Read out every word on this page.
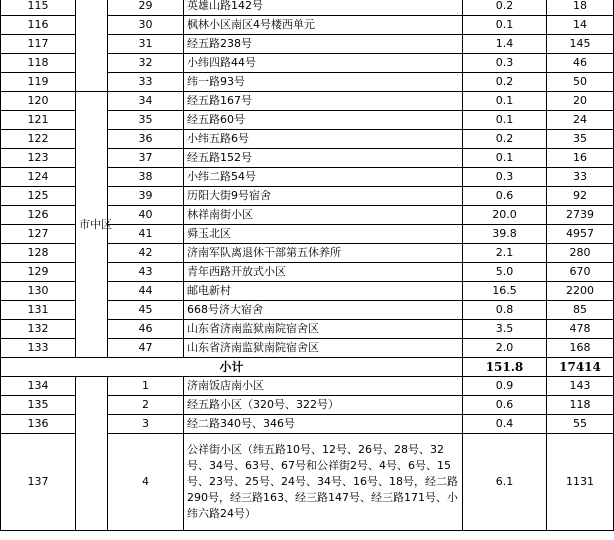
115		29	英雄山路142号	0.2	18
116		30	枫林小区南区4号楼西单元	0.1	14
117		31	经五路238号	1.4	145
118		32	小纬四路44号	0.3	46
119		33	纬一路93号	0.2	50
120	市中区	34	经五路167号	0.1	20
121		35	经五路60号	0.1	24
122		36	小纬五路6号	0.2	35
123		37	经五路152号	0.1	16
124		38	小纬二路54号	0.3	33
125		39	历阳大街9号宿舍	0.6	92
126		40	林祥南街小区	20.0	2739
127		41	舜玉北区	39.8	4957
128		42	济南军队离退休干部第五休养所	2.1	280
129		43	青年西路开放式小区	5.0	670
130		44	邮电新村	16.5	2200
131		45	668号济大宿舍	0.8	85
132		46	山东省济南监狱南院宿舍区	3.5	478
133		47	山东省济南监狱南院宿舍区	2.0	168
小计				151.8	17414
134		1	济南饭店南小区	0.9	143
135		2	经五路小区（320号、322号）	0.6	118
136		3	经二路340号、346号	0.4	55
137		4	公祥街小区（纬五路10号、12号、26号、28号、32号、34号、63号、67号和公祥街2号、4号、6号、15号、23号、25号、24号、34号、16号、18号，经二路290号，经三路163、经三路147号、经三路171号、小纬六路24号）	6.1	1131
